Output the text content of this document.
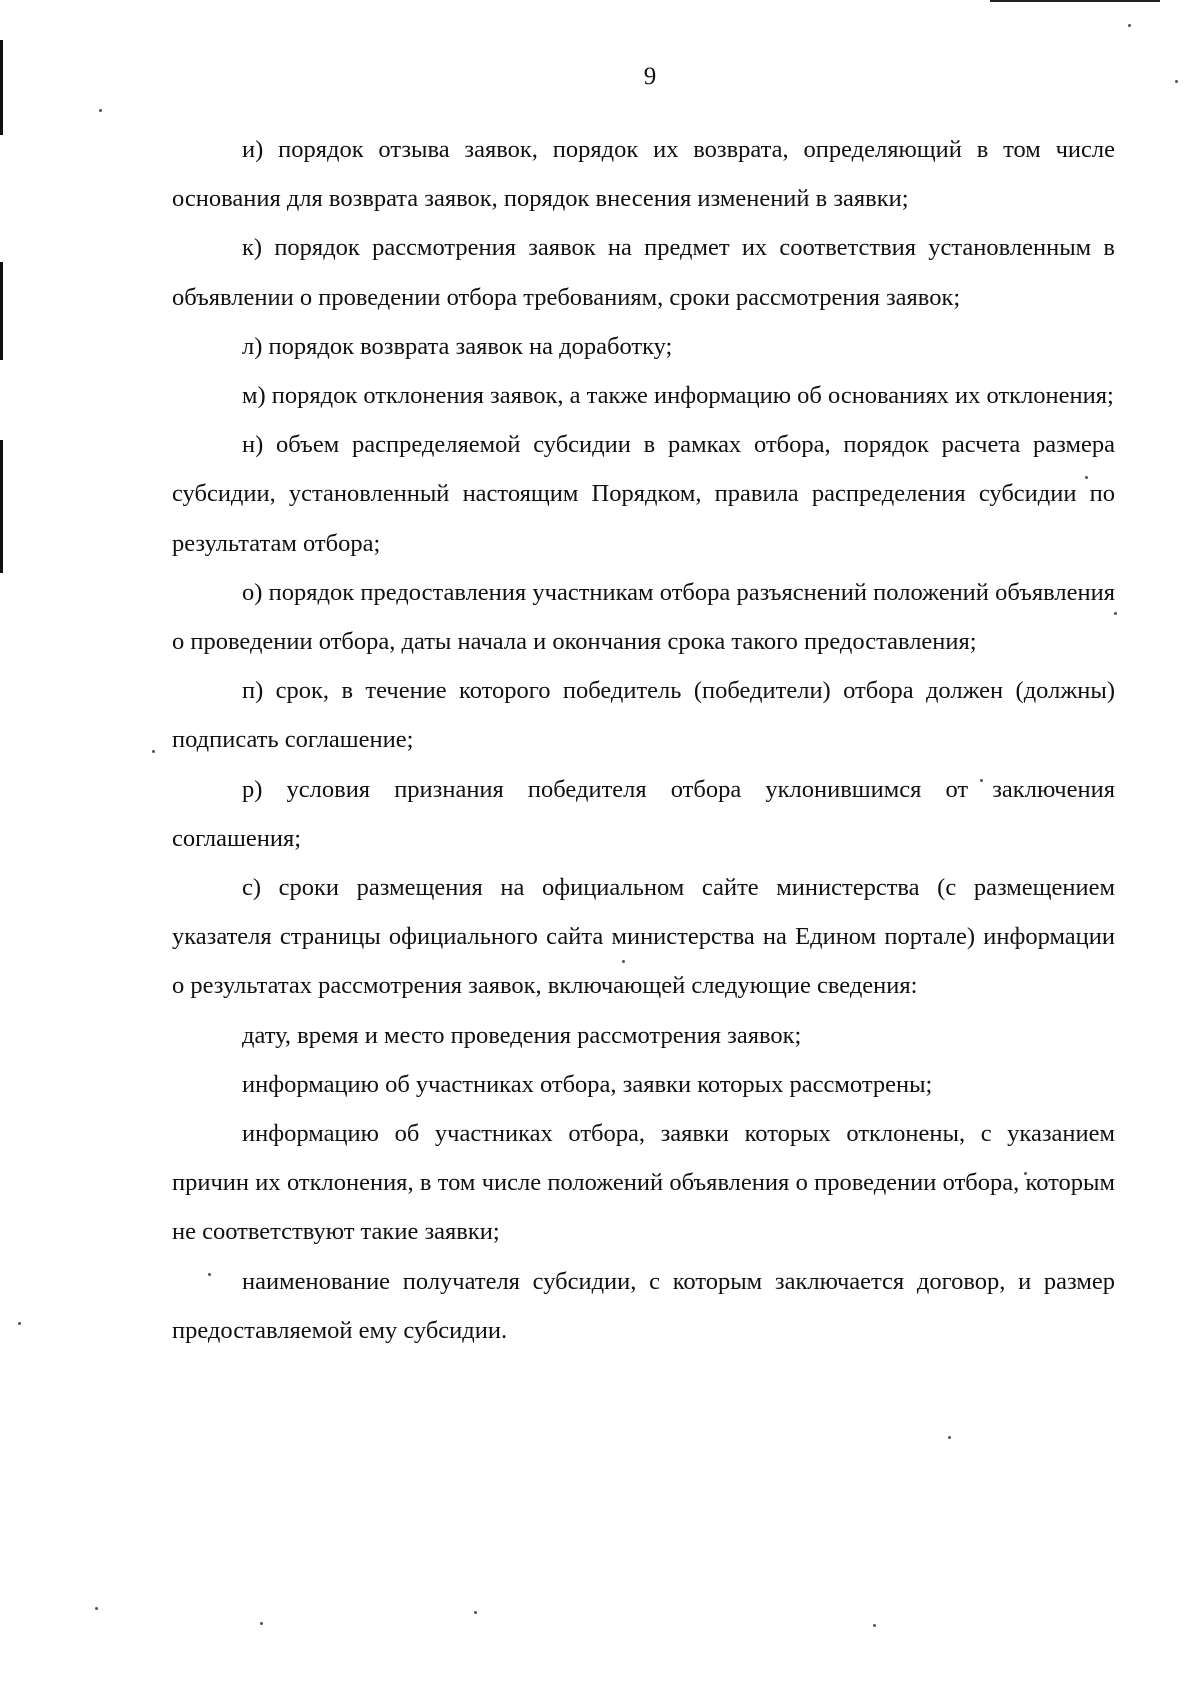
9

и) порядок отзыва заявок, порядок их возврата, определяющий в том числе основания для возврата заявок, порядок внесения изменений в заявки;

к) порядок рассмотрения заявок на предмет их соответствия установленным в объявлении о проведении отбора требованиям, сроки рассмотрения заявок;

л) порядок возврата заявок на доработку;

м) порядок отклонения заявок, а также информацию об основаниях их отклонения;

н) объем распределяемой субсидии в рамках отбора, порядок расчета размера субсидии, установленный настоящим Порядком, правила распределения субсидии по результатам отбора;

о) порядок предоставления участникам отбора разъяснений положений объявления о проведении отбора, даты начала и окончания срока такого предоставления;

п) срок, в течение которого победитель (победители) отбора должен (должны) подписать соглашение;

р) условия признания победителя отбора уклонившимся от заключения соглашения;

с) сроки размещения на официальном сайте министерства (с размещением указателя страницы официального сайта министерства на Едином портале) информации о результатах рассмотрения заявок, включающей следующие сведения:

дату, время и место проведения рассмотрения заявок;

информацию об участниках отбора, заявки которых рассмотрены;

информацию об участниках отбора, заявки которых отклонены, с указанием причин их отклонения, в том числе положений объявления о проведении отбора, которым не соответствуют такие заявки;

наименование получателя субсидии, с которым заключается договор, и размер предоставляемой ему субсидии.
